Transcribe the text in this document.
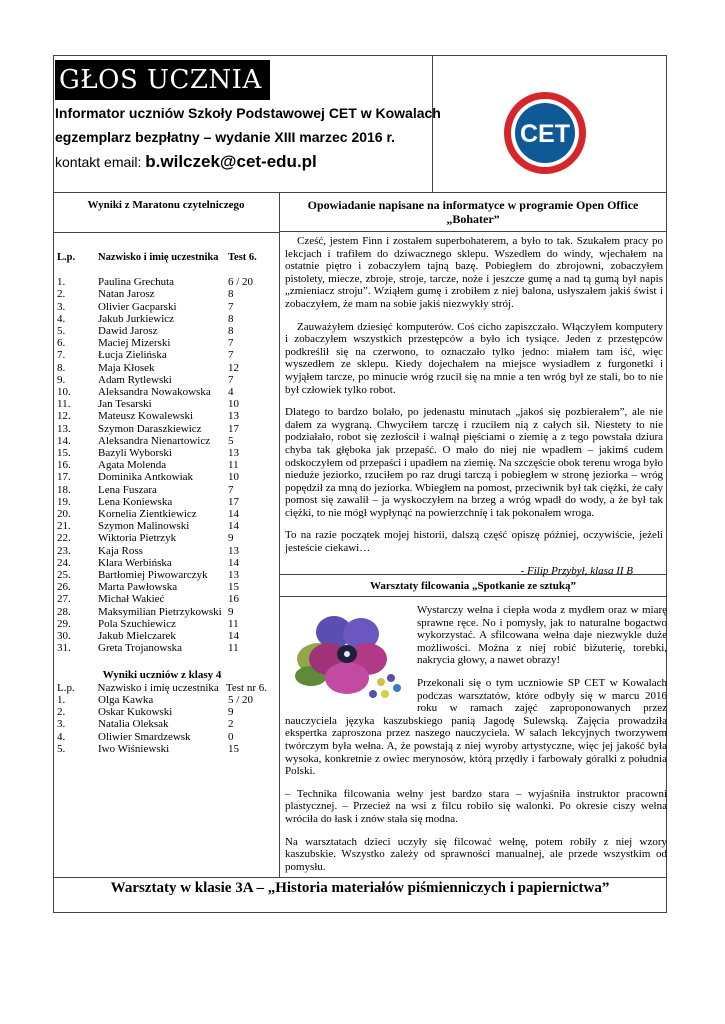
GŁOS UCZNIA
Informator uczniów Szkoły Podstawowej CET w Kowalach
egzemplarz bezpłatny – wydanie XIII marzec 2016 r.
kontakt email: b.wilczek@cet-edu.pl
CET
Wyniki z Maratonu czytelniczego
L.p.	Nazwisko i imię uczestnika Test 6.
1.	Paulina Grechuta	6 / 20
2.	Natan Jarosz	8
3.	Olivier Gacparski	7
4.	Jakub Jurkiewicz	8
5.	Dawid Jarosz	8
6.	Maciej Mizerski	7
7.	Łucja Zielińska	7
8.	Maja Kłosek	12
9.	Adam Rytlewski	7
10.	Aleksandra Nowakowska	4
11.	Jan Tesarski	10
12.	Mateusz Kowalewski	13
13.	Szymon Daraszkiewicz	17
14.	Aleksandra Nienartowicz	5
15.	Bazyli Wyborski	13
16.	Agata Molenda	11
17.	Dominika Antkowiak	10
18.	Lena Fuszara	7
19.	Lena Koniewska	17
20.	Kornelia Zientkiewicz	14
21.	Szymon Malinowski	14
22.	Wiktoria Pietrzyk	9
23.	Kaja Ross	13
24.	Klara Werbińska	14
25.	Bartłomiej Piwowarczyk	13
26.	Marta Pawłowska	15
27.	Michał Wakieć	16
28.	Maksymilian Pietrzykowski 9
29.	Pola Szuchiewicz	11
30.	Jakub Mielczarek	14
31.	Greta Trojanowska	11
Wyniki uczniów z klasy 4
L.p.	Nazwisko i imię uczestnika Test nr 6.
1.	Olga Kawka	5 / 20
2.	Oskar Kukowski	9
3.	Natalia Oleksak	2
4.	Oliwier Smardzewsk	0
5.	Iwo Wiśniewski	15
Opowiadanie napisane na informatyce w programie Open Office
„Bohater”

Cześć, jestem Finn i zostałem superbohaterem, a było to tak. Szukałem pracy po lekcjach i trafiłem do dziwacznego sklepu. Wszedłem do windy, wjechałem na ostatnie piętro i zobaczyłem tajną bazę. Pobiegłem do zbrojowni, zobaczyłem pistolety, miecze, zbroje, stroje, tarcze, noże i jeszcze gumę a nad tą gumą był napis „zmieniacz stroju”. Wziąłem gumę i zrobiłem z niej balona, usłyszałem jakiś świst i zobaczyłem, że mam na sobie jakiś niezwykły strój.

Zauważyłem dziesięć komputerów. Coś cicho zapiszczało. Włączyłem komputery i zobaczyłem wszystkich przestępców a było ich tysiące. Jeden z przestępców podkreślił się na czerwono, to oznaczało tylko jedno: miałem tam iść, więc wyszedłem ze sklepu. Kiedy dojechałem na miejsce wysiadłem z furgonetki i wyjąłem tarcze, po minucie wróg rzucił się na mnie a ten wróg był ze stali, bo to nie był człowiek tylko robot.

Dlatego to bardzo bolało, po jedenastu minutach „jakoś się pozbierałem”, ale nie dałem za wygraną. Chwyciłem tarczę i rzuciłem nią z całych sił. Niestety to nie podziałało, robot się zezłościł i walnął pięściami o ziemię a z tego powstała dziura chyba tak głęboka jak przepaść. O mało do niej nie wpadłem – jakimś cudem odskoczyłem od przepaści i upadłem na ziemię. Na szczęście obok terenu wroga było nieduże jeziorko, rzuciłem po raz drugi tarczą i pobiegłem w stronę jeziorka – wróg popędził za mną do jeziorka. Wbiegłem na pomost, przeciwnik był tak ciężki, że cały pomost się zawalił – ja wyskoczyłem na brzeg a wróg wpadł do wody, a że był tak ciężki, to nie mógł wypłynąć na powierzchnię i tak pokonałem wroga.

To na razie początek mojej historii, dalszą część opiszę później, oczywiście, jeżeli jesteście ciekawi…

- Filip Przybył, klasa II B

Warsztaty filcowania „Spotkanie ze sztuką”

Wystarczy wełna i ciepła woda z mydłem oraz w miarę sprawne ręce. No i pomysły, jak to naturalne bogactwo wykorzystać. A sfilcowana wełna daje niezwykle duże możliwości. Można z niej robić biżuterię, torebki, nakrycia głowy, a nawet obrazy!

Przekonali się o tym uczniowie SP CET w Kowalach podczas warsztatów, które odbyły się w marcu 2016 roku w ramach zajęć zaproponowanych przez nauczyciela języka kaszubskiego panią Jagodę Sulewską. Zajęcia prowadziła ekspertka zaproszona przez naszego nauczyciela. W salach lekcyjnych tworzywem twórczym była wełna. A, że powstają z niej wyroby artystyczne, więc jej jakość była wysoka, konkretnie z owiec merynosów, którą przędły i farbowały góralki z południa Polski.

– Technika filcowania wełny jest bardzo stara – wyjaśniła instruktor pracowni plastycznej. – Przecież na wsi z filcu robiło się walonki. Po okresie ciszy wełna wróciła do łask i znów stała się modna.

Na warsztatach dzieci uczyły się filcować wełnę, potem robiły z niej wzory kaszubskie. Wszystko zależy od sprawności manualnej, ale przede wszystkim od pomysłu.

Warsztaty w klasie 3A – „Historia materiałów piśmienniczych i papiernictwa”
